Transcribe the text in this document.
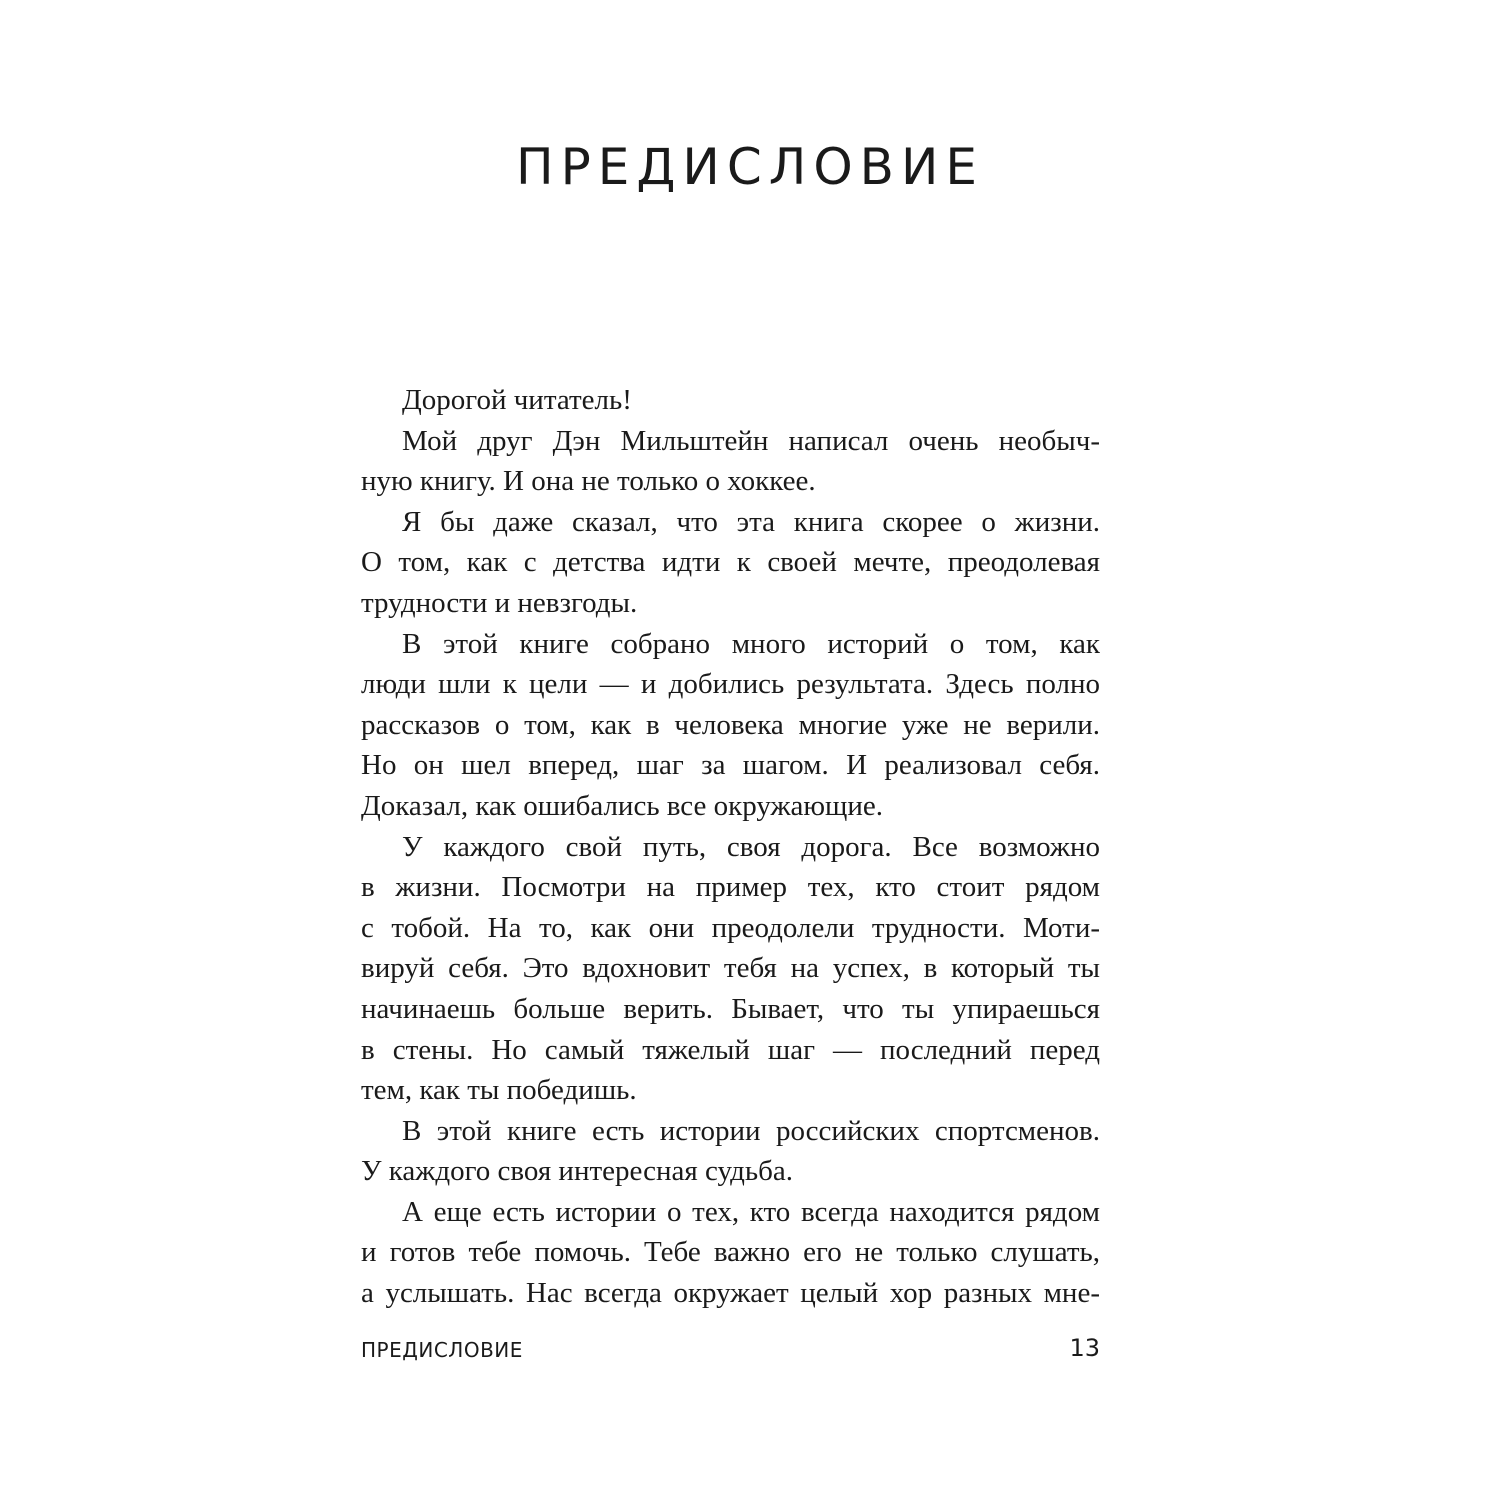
ПРЕДИСЛОВИЕ
Дорогой читатель!
Мой друг Дэн Мильштейн написал очень необыч-
ную книгу. И она не только о хоккее.
Я бы даже сказал, что эта книга скорее о жизни.
О том, как с детства идти к своей мечте, преодолевая
трудности и невзгоды.
В этой книге собрано много историй о том, как
люди шли к цели — и добились результата. Здесь полно
рассказов о том, как в человека многие уже не верили.
Но он шел вперед, шаг за шагом. И реализовал себя.
Доказал, как ошибались все окружающие.
У каждого свой путь, своя дорога. Все возможно
в жизни. Посмотри на пример тех, кто стоит рядом
с тобой. На то, как они преодолели трудности. Моти-
вируй себя. Это вдохновит тебя на успех, в который ты
начинаешь больше верить. Бывает, что ты упираешься
в стены. Но самый тяжелый шаг — последний перед
тем, как ты победишь.
В этой книге есть истории российских спортсменов.
У каждого своя интересная судьба.
А еще есть истории о тех, кто всегда находится рядом
и готов тебе помочь. Тебе важно его не только слушать,
а услышать. Нас всегда окружает целый хор разных мне-
ПРЕДИСЛОВИЕ	13
